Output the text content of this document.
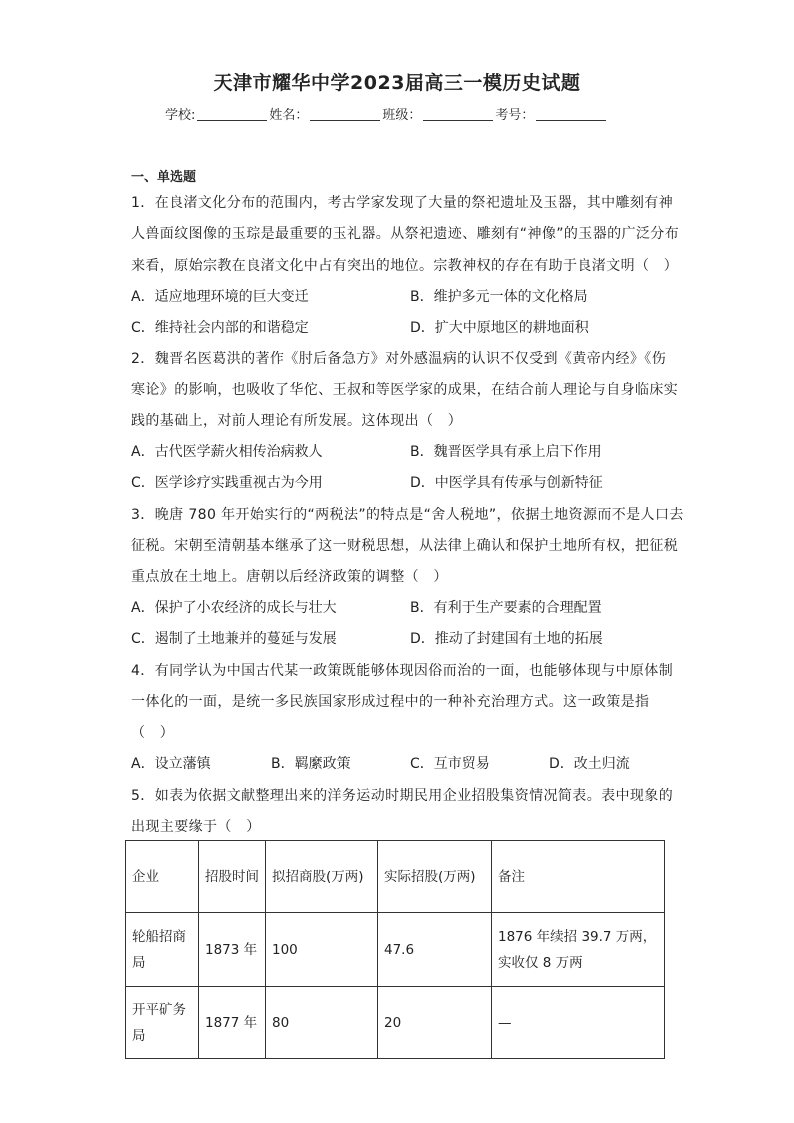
天津市耀华中学2023届高三一模历史试题
学校:	姓名：	班级：	考号：
一、单选题
1．在良渚文化分布的范围内，考古学家发现了大量的祭祀遗址及玉器，其中雕刻有神
人兽面纹图像的玉琮是最重要的玉礼器。从祭祀遗迹、雕刻有“神像”的玉器的广泛分布
来看，原始宗教在良渚文化中占有突出的地位。宗教神权的存在有助于良渚文明（　）
A．适应地理环境的巨大变迁	B．维护多元一体的文化格局
C．维持社会内部的和谐稳定	D．扩大中原地区的耕地面积
2．魏晋名医葛洪的著作《肘后备急方》对外感温病的认识不仅受到《黄帝内经》《伤
寒论》的影响，也吸收了华佗、王叔和等医学家的成果，在结合前人理论与自身临床实
践的基础上，对前人理论有所发展。这体现出（　）
A．古代医学薪火相传治病救人	B．魏晋医学具有承上启下作用
C．医学诊疗实践重视古为今用	D．中医学具有传承与创新特征
3．晚唐 780 年开始实行的“两税法”的特点是“舍人税地”，依据土地资源而不是人口去
征税。宋朝至清朝基本继承了这一财税思想，从法律上确认和保护土地所有权，把征税
重点放在土地上。唐朝以后经济政策的调整（　）
A．保护了小农经济的成长与壮大	B．有利于生产要素的合理配置
C．遏制了土地兼并的蔓延与发展	D．推动了封建国有土地的拓展
4．有同学认为中国古代某一政策既能够体现因俗而治的一面，也能够体现与中原体制
一体化的一面，是统一多民族国家形成过程中的一种补充治理方式。这一政策是指
（　）
A．设立藩镇	B．羁縻政策	C．互市贸易	D．改土归流
5．如表为依据文献整理出来的洋务运动时期民用企业招股集资情况简表。表中现象的
出现主要缘于（　）
企业	招股时间	拟招商股(万两)	实际招股(万两)	备注
轮船招商局	1873 年	100	47.6	1876 年续招 39.7 万两，实收仅 8 万两
开平矿务局	1877 年	80	20	—
